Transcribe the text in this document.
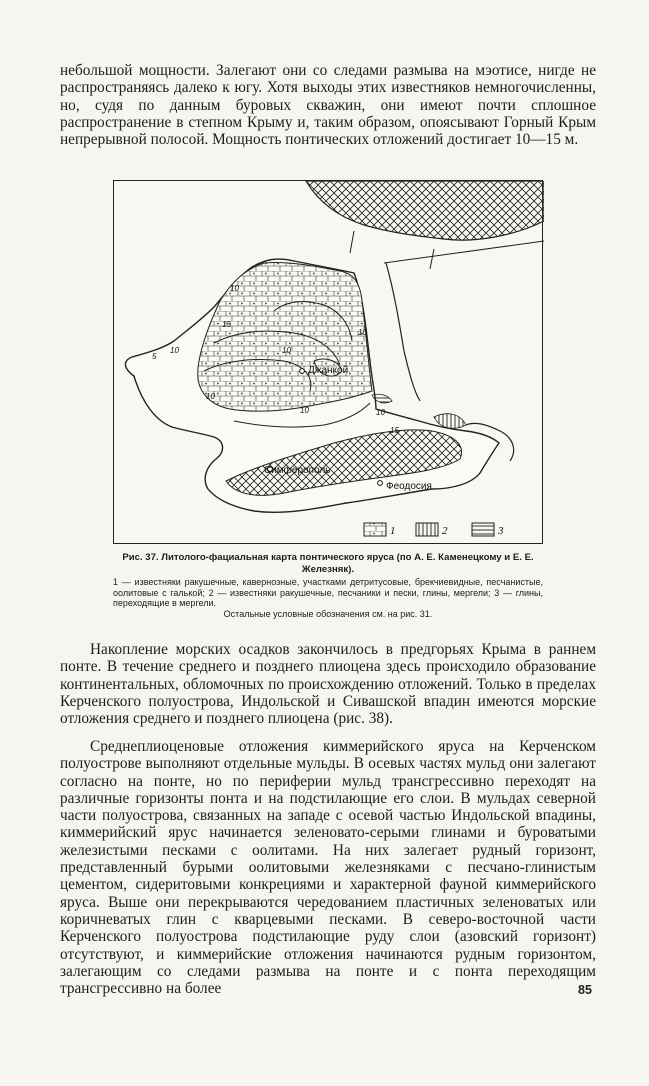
небольшой мощности. Залегают они со следами размыва на мэотисе, нигде не распространяясь далеко к югу. Хотя выходы этих известняков немногочисленны, но, судя по данным буровых скважин, они имеют почти сплошное распространение в степном Крыму и, таким образом, опоясывают Горный Крым непрерывной полосой. Мощность понтических отложений достигает 10—15 м.

10
15
10
5
10
10
10
10
10
15
Джанкой
Симферополь
Феодосия
1	2	3

Рис. 37. Литолого-фациальная карта понтического яруса (по А. Е. Каменецкому и Е. Е. Железняк).

1 — известняки ракушечные, кавернозные, участками детритусовые, брекчиевидные, песчанистые, оолитовые с галькой; 2 — известняки ракушечные, песчаники и пески, глины, мергели; 3 — глины, переходящие в мергели.

Остальные условные обозначения см. на рис. 31.

Накопление морских осадков закончилось в предгорьях Крыма в раннем понте. В течение среднего и позднего плиоцена здесь происходило образование континентальных, обломочных по происхождению отложений. Только в пределах Керченского полуострова, Индольской и Сивашской впадин имеются морские отложения среднего и позднего плиоцена (рис. 38).

Среднеплиоценовые отложения киммерийского яруса на Керченском полуострове выполняют отдельные мульды. В осевых частях мульд они залегают согласно на понте, но по периферии мульд трансгрессивно переходят на различные горизонты понта и на подстилающие его слои. В мульдах северной части полуострова, связанных на западе с осевой частью Индольской впадины, киммерийский ярус начинается зеленовато-серыми глинами и буроватыми железистыми песками с оолитами. На них залегает рудный горизонт, представленный бурыми оолитовыми железняками с песчано-глинистым цементом, сидеритовыми конкрециями и характерной фауной киммерийского яруса. Выше они перекрываются чередованием пластичных зеленоватых или коричневатых глин с кварцевыми песками. В северо-восточной части Керченского полуострова подстилающие руду слои (азовский горизонт) отсутствуют, и киммерийские отложения начинаются рудным горизонтом, залегающим со следами размыва на понте и с понта переходящим трансгрессивно на более	85
